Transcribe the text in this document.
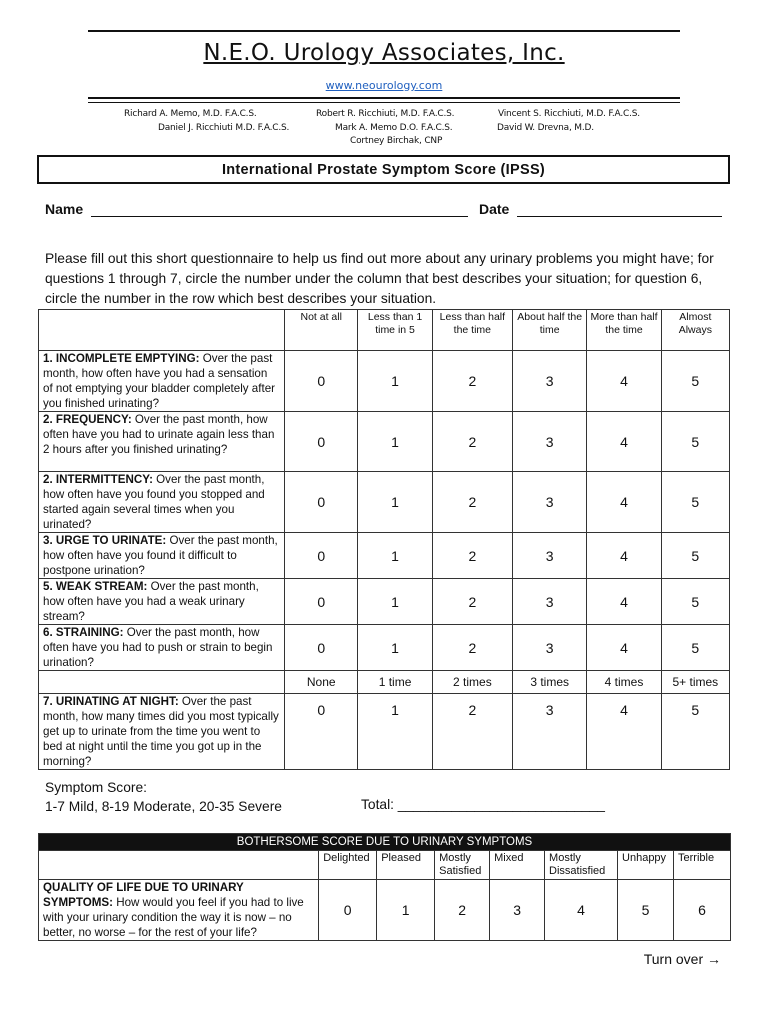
N.E.O. Urology Associates, Inc.
www.neourology.com
Richard A. Memo, M.D. F.A.C.S.	Robert R. Ricchiuti, M.D. F.A.C.S.	Vincent S. Ricchiuti, M.D. F.A.C.S.
Daniel J. Ricchiuti M.D. F.A.C.S.	Mark A. Memo D.O. F.A.C.S.	David W. Drevna, M.D.
Cortney Birchak, CNP
International Prostate Symptom Score (IPSS)
Name	Date
Please fill out this short questionnaire to help us find out more about any urinary problems you might have; for questions 1 through 7, circle the number under the column that best describes your situation; for question 6, circle the number in the row which best describes your situation.
	Not at all	Less than 1 time in 5	Less than half the time	About half the time	More than half the time	Almost Always
1. INCOMPLETE EMPTYING: Over the past month, how often have you had a sensation of not emptying your bladder completely after you finished urinating?	0	1	2	3	4	5
2. FREQUENCY: Over the past month, how often have you had to urinate again less than 2 hours after you finished urinating?	0	1	2	3	4	5
2. INTERMITTENCY: Over the past month, how often have you found you stopped and started again several times when you urinated?	0	1	2	3	4	5
3. URGE TO URINATE: Over the past month, how often have you found it difficult to postpone urination?	0	1	2	3	4	5
5. WEAK STREAM: Over the past month, how often have you had a weak urinary stream?	0	1	2	3	4	5
6. STRAINING: Over the past month, how often have you had to push or strain to begin urination?	0	1	2	3	4	5
	None	1 time	2 times	3 times	4 times	5+ times
7. URINATING AT NIGHT: Over the past month, how many times did you most typically get up to urinate from the time you went to bed at night until the time you got up in the morning?	0	1	2	3	4	5
Symptom Score:
1-7 Mild, 8-19 Moderate, 20-35 Severe	Total: ___________________________
BOTHERSOME SCORE DUE TO URINARY SYMPTOMS							
	Delighted	Pleased	Mostly Satisfied	Mixed	Mostly Dissatisfied	Unhappy	Terrible
QUALITY OF LIFE DUE TO URINARY SYMPTOMS: How would you feel if you had to live with your urinary condition the way it is now – no better, no worse – for the rest of your life?	0	1	2	3	4	5	6
Turn over →
